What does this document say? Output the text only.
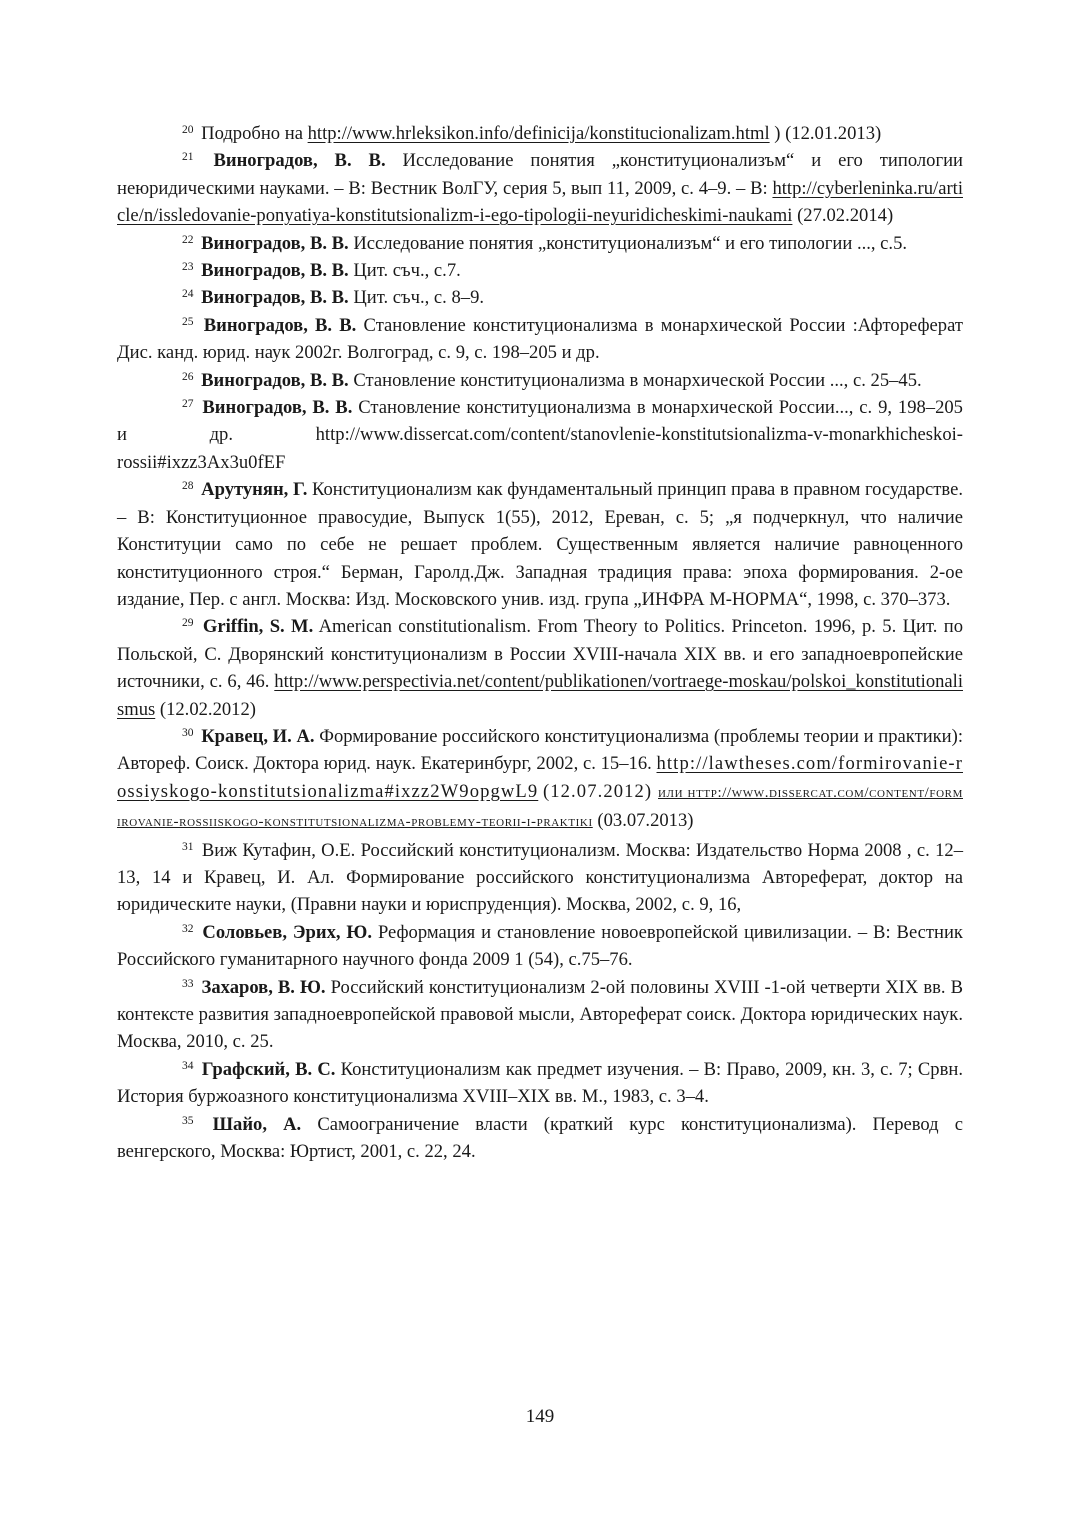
$^{20}$ Подробно на http://www.hrleksikon.info/definicija/konstitucionalizam.html ) (12.01.2013)

$^{21}$ Виноградов, В. В. Исследование понятия „конституционализъм“ и его типологии неюридическими науками. – В: Вестник ВолГУ, серия 5, вып 11, 2009, с. 4–9. – В: http://cyberleninka.ru/article/n/issledovanie-ponyatiya-konstitutsionalizm-i-ego-tipologii-neyuridicheskimi-naukami (27.02.2014)

$^{22}$ Виноградов, В. В. Исследование понятия „конституционализъм“ и его типологии ..., с.5.

$^{23}$ Виноградов, В. В. Цит. съч., с.7.

$^{24}$ Виноградов, В. В. Цит. съч., с. 8–9.

$^{25}$ Виноградов, В. В. Становление конституционализма в монархической России :Афтореферат Дис. канд. юрид. наук 2002г. Волгоград, с. 9, с. 198–205 и др.

$^{26}$ Виноградов, В. В. Становление конституционализма в монархической России ..., с. 25–45.

$^{27}$ Виноградов, В. В. Становление конституционализма в монархической России..., с. 9, 198–205 и др. http://www.dissercat.com/content/stanovlenie-konstitutsionalizma-v-monarkhicheskoi-rossii#ixzz3Ax3u0fEF

$^{28}$ Арутунян, Г. Конституционализм как фундаментальный принцип права в правном государстве. – В: Конституционное правосудие, Выпуск 1(55), 2012, Ереван, с. 5; „я подчеркнул, что наличие Конституции само по себе не решает проблем. Существенным является наличие равноценного конституционного строя.“ Берман, Гаролд.Дж. Западная традиция права: эпоха формирования. 2-ое издание, Пер. с англ. Москва: Изд. Московского унив. изд. група „ИНФРА М-НОРМА“, 1998, с. 370–373.

$^{29}$ Griffin, S. M. American constitutionalism. From Theory to Politics. Princeton. 1996, p. 5. Цит. по Польской, С. Дворянский конституционализм в России XVIII-начала XIX вв. и его западноевропейские источники, с. 6, 46. http://www.perspectivia.net/content/publikationen/vortraege-moskau/polskoi_konstitutionalismus (12.02.2012)

$^{30}$ Кравец, И. А. Формирование российского конституционализма (проблемы теории и практики): Автореф. Соиск. Доктора юрид. наук. Екатеринбург, 2002, с. 15–16. http://lawtheses.com/formirovanie-rossiyskogo-konstitutsionalizma#ixzz2W9opgwL9 (12.07.2012) или http://www.dissercat.com/content/formirovanie-rossiiskogo-konstitutsionalizma-problemy-teorii-i-praktiki (03.07.2013)

$^{31}$ Виж Кутафин, О.Е. Российский конституционализм. Москва: Издательство Норма 2008 , с. 12–13, 14 и Кравец, И. Ал. Формирование российского конституционализма Автореферат, доктор на юридическите науки, (Правни науки и юриспруденция). Москва, 2002, с. 9, 16,

$^{32}$ Соловьев, Эрих, Ю. Реформация и становление новоевропейской цивилизации. – В: Вестник Российского гуманитарного научного фонда 2009 1 (54), с.75–76.

$^{33}$ Захаров, В. Ю. Российский конституционализм 2-ой половины XVIII -1-ой четверти XIX вв. В контексте развития западноевропейской правовой мысли, Автореферат соиск. Доктора юридических наук. Москва, 2010, с. 25.

$^{34}$ Графский, В. С. Конституционализм как предмет изучения. – В: Право, 2009, кн. 3, с. 7; Срвн. История буржоазного конституционализма XVIII–XIX вв. М., 1983, с. 3–4.

$^{35}$ Шайо, А. Самоограничение власти (краткий курс конституционализма). Перевод с венгерского, Москва: Юртист, 2001, с. 22, 24.

149
